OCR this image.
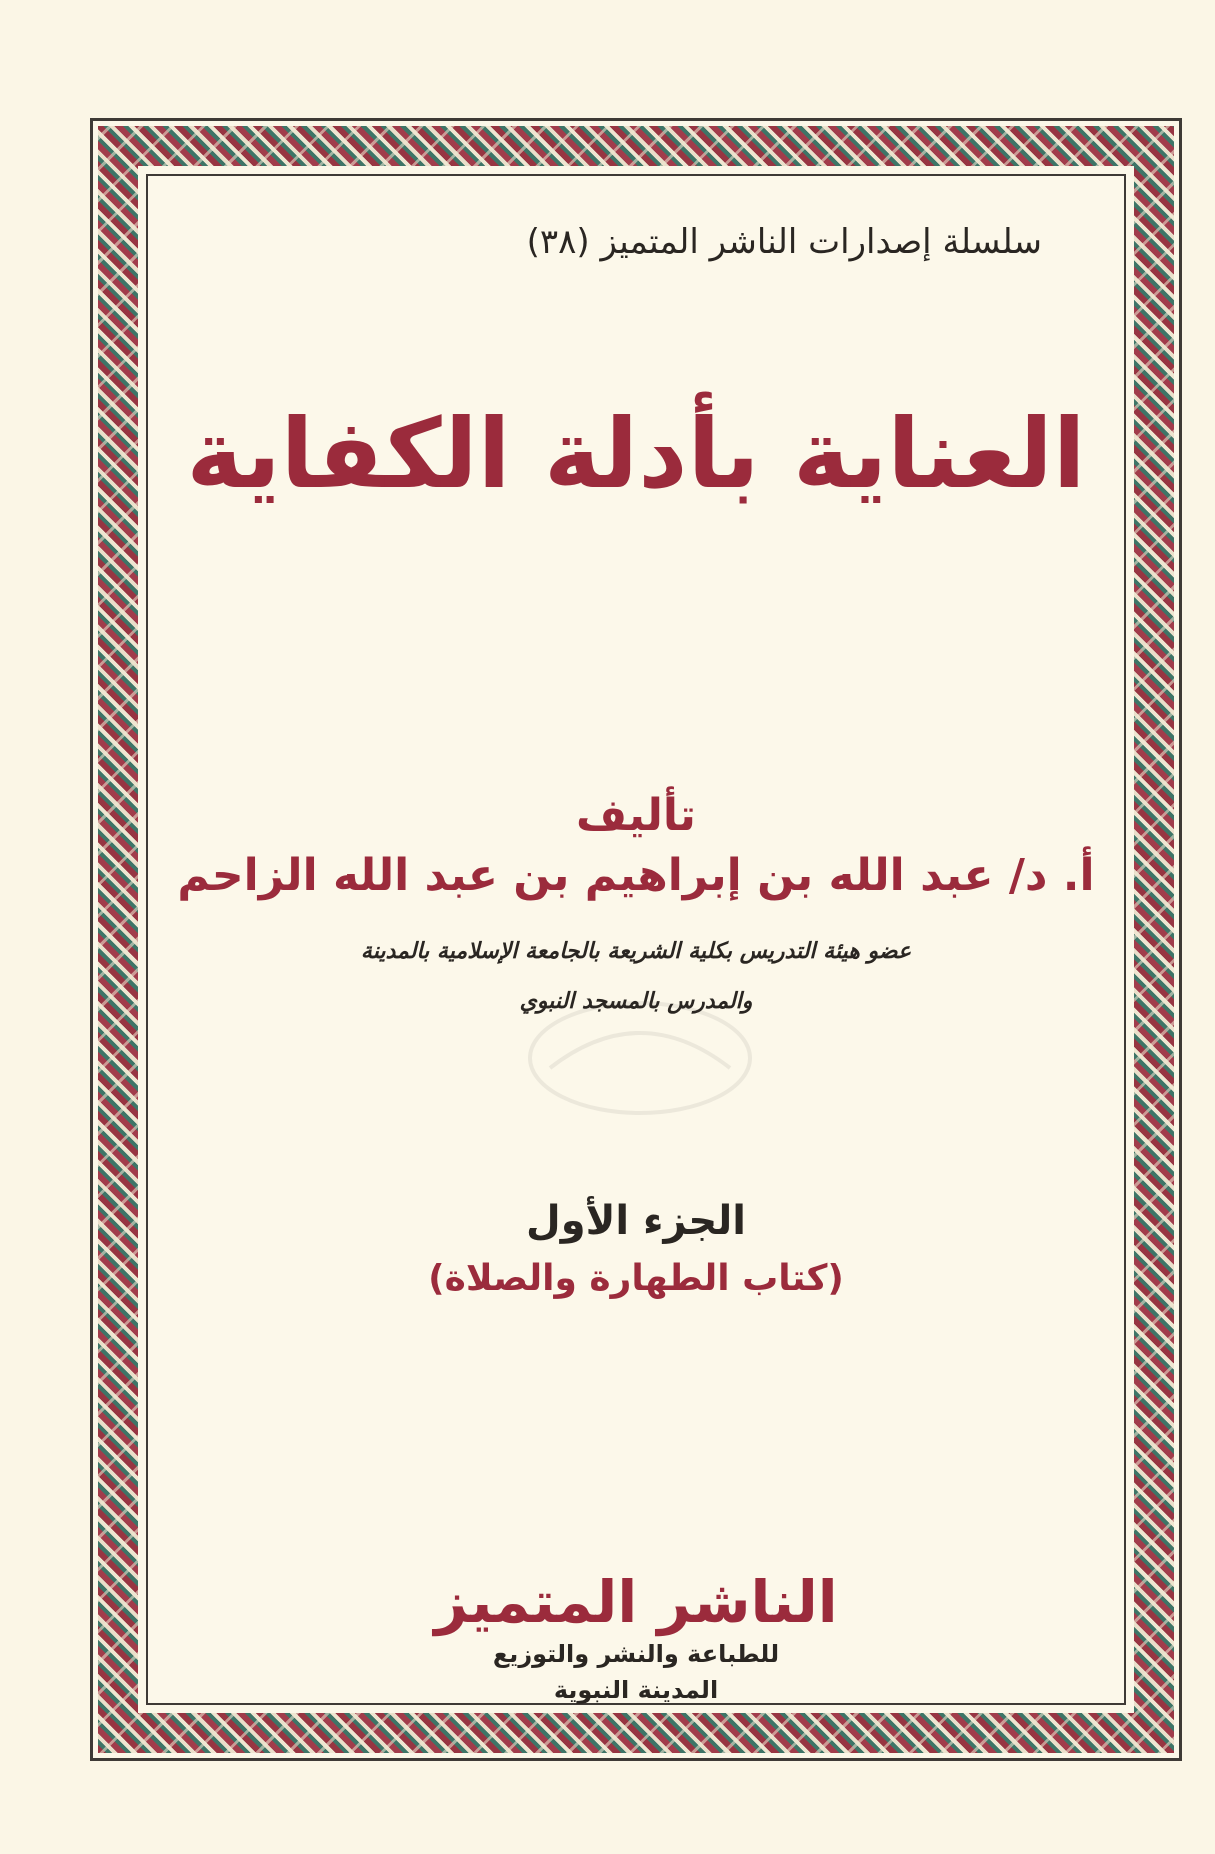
سلسلة إصدارات الناشر المتميز (٣٨)
العناية بأدلة الكفاية
تأليف
أ. د/ عبد الله بن إبراهيم بن عبد الله الزاحم
عضو هيئة التدريس بكلية الشريعة بالجامعة الإسلامية بالمدينة
والمدرس بالمسجد النبوي
الجزء الأول
(كتاب الطهارة والصلاة)
الناشر المتميز
للطباعة والنشر والتوزيع
المدينة النبوية
